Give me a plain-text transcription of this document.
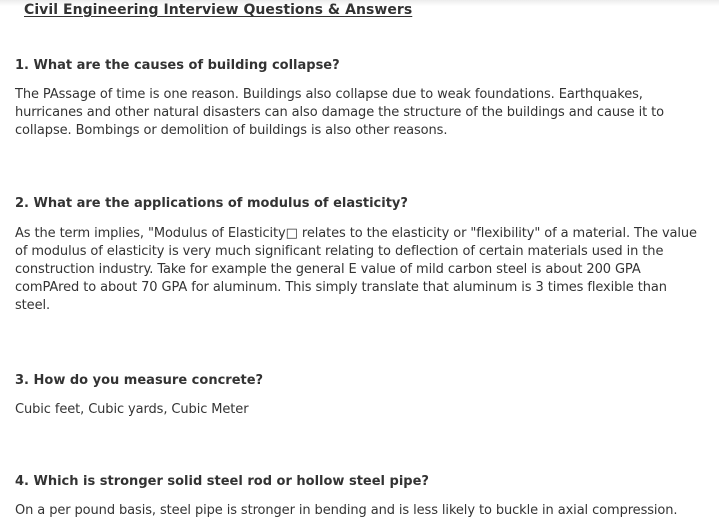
Civil Engineering Interview Questions & Answers
1. What are the causes of building collapse?
The PAssage of time is one reason. Buildings also collapse due to weak foundations. Earthquakes,
hurricanes and other natural disasters can also damage the structure of the buildings and cause it to
collapse. Bombings or demolition of buildings is also other reasons.
2. What are the applications of modulus of elasticity?
As the term implies, "Modulus of Elasticity□ relates to the elasticity or "flexibility" of a material. The value
of modulus of elasticity is very much significant relating to deflection of certain materials used in the
construction industry. Take for example the general E value of mild carbon steel is about 200 GPA
comPAred to about 70 GPA for aluminum. This simply translate that aluminum is 3 times flexible than
steel.
3. How do you measure concrete?
Cubic feet, Cubic yards, Cubic Meter
4. Which is stronger solid steel rod or hollow steel pipe?
On a per pound basis, steel pipe is stronger in bending and is less likely to buckle in axial compression.
